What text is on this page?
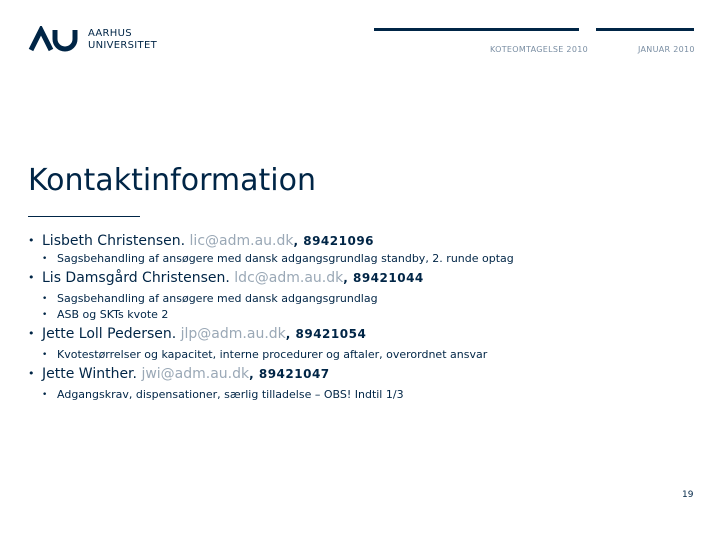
AARHUS
UNIVERSITET	KOTEOMTAGELSE 2010	JANUAR 2010
Kontaktinformation
• Lisbeth Christensen. lic@adm.au.dk, 89421096
• Sagsbehandling af ansøgere med dansk adgangsgrundlag standby, 2. runde optag
• Lis Damsgård Christensen. ldc@adm.au.dk, 89421044
• Sagsbehandling af ansøgere med dansk adgangsgrundlag
• ASB og SKTs kvote 2
• Jette Loll Pedersen. jlp@adm.au.dk, 89421054
• Kvotestørrelser og kapacitet, interne procedurer og aftaler, overordnet ansvar
• Jette Winther. jwi@adm.au.dk, 89421047
• Adgangskrav, dispensationer, særlig tilladelse – OBS! Indtil 1/3
19
